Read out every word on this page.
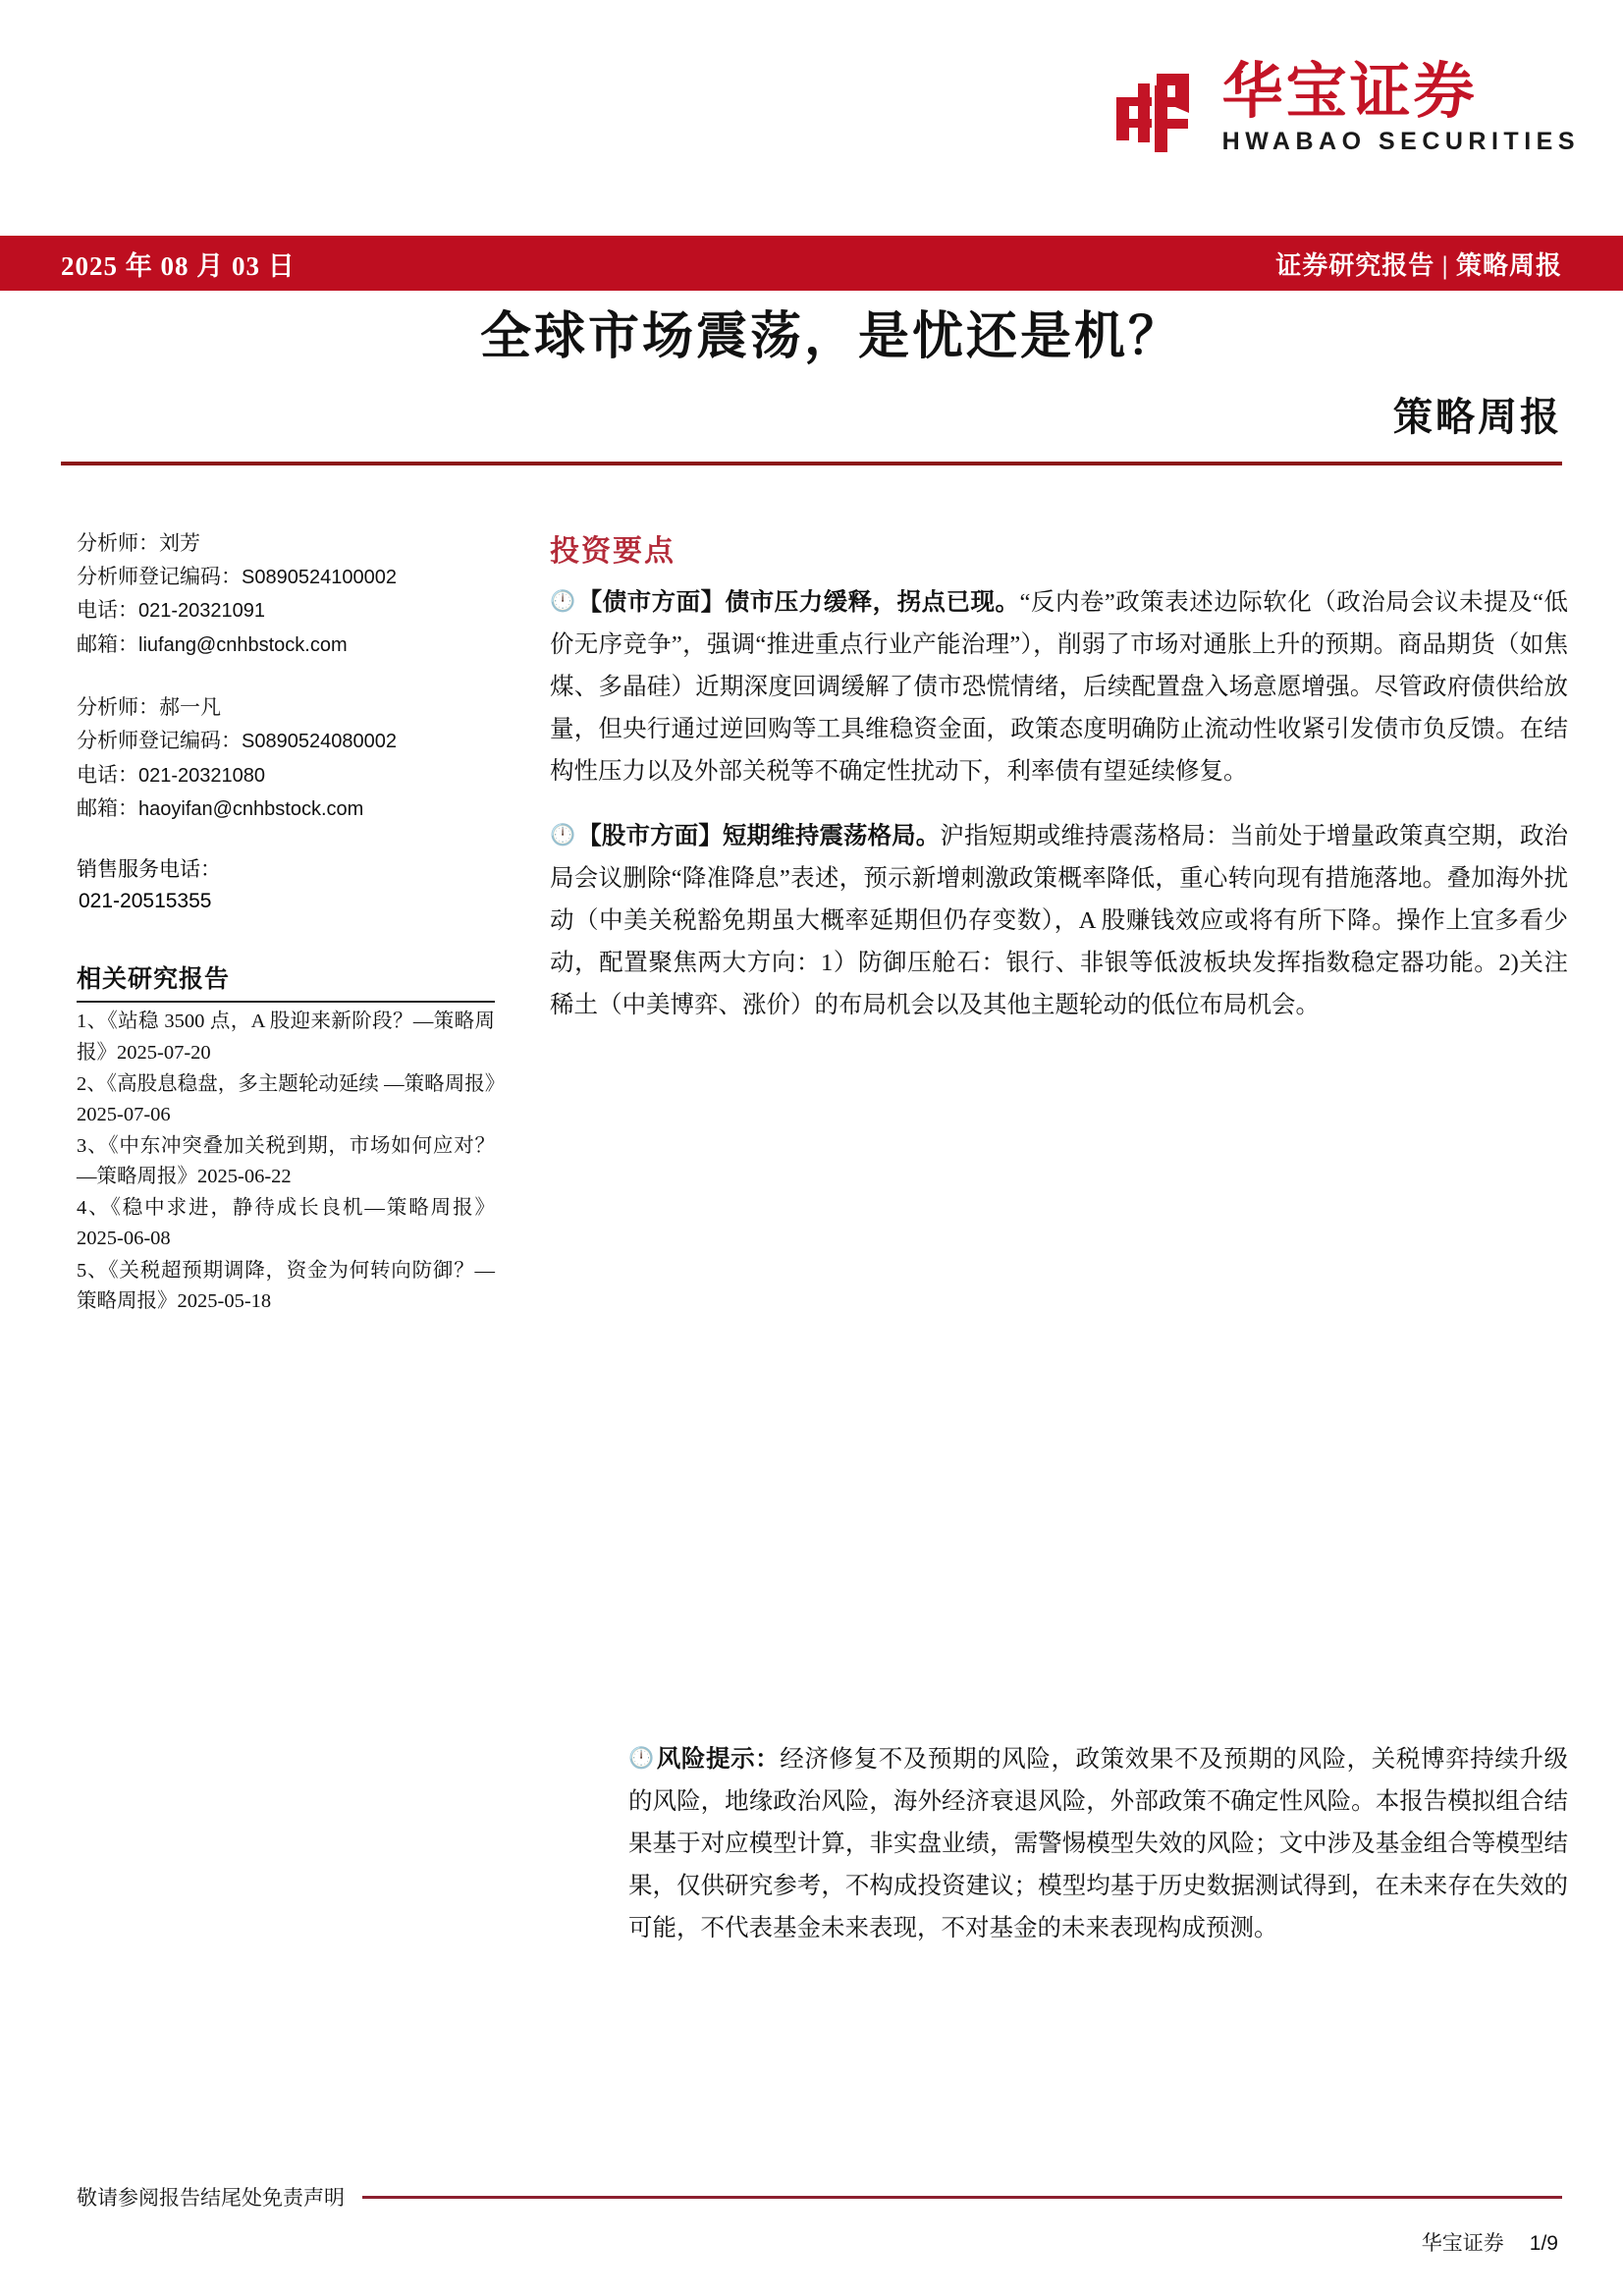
华宝证券
HWABAO SECURITIES
2025 年 08 月 03 日	证券研究报告 | 策略周报
全球市场震荡，是忧还是机？
策略周报
分析师：刘芳
分析师登记编码：S0890524100002
电话：021-20321091
邮箱：liufang@cnhbstock.com
分析师：郝一凡
分析师登记编码：S0890524080002
电话：021-20321080
邮箱：haoyifan@cnhbstock.com
销售服务电话：
021-20515355
相关研究报告
1、《站稳 3500 点，A 股迎来新阶段？—策略周报》2025-07-20
2、《高股息稳盘，多主题轮动延续 —策略周报》2025-07-06
3、《中东冲突叠加关税到期，市场如何应对？ —策略周报》2025-06-22
4、《稳中求进，静待成长良机—策略周报》2025-06-08
5、《关税超预期调降，资金为何转向防御？—策略周报》2025-05-18
投资要点

🕛【债市方面】债市压力缓释，拐点已现。“反内卷”政策表述边际软化（政治局会议未提及“低价无序竞争”，强调“推进重点行业产能治理”），削弱了市场对通胀上升的预期。商品期货（如焦煤、多晶硅）近期深度回调缓解了债市恐慌情绪，后续配置盘入场意愿增强。尽管政府债供给放量，但央行通过逆回购等工具维稳资金面，政策态度明确防止流动性收紧引发债市负反馈。在结构性压力以及外部关税等不确定性扰动下，利率债有望延续修复。

🕛【股市方面】短期维持震荡格局。沪指短期或维持震荡格局：当前处于增量政策真空期，政治局会议删除“降准降息”表述，预示新增刺激政策概率降低，重心转向现有措施落地。叠加海外扰动（中美关税豁免期虽大概率延期但仍存变数），A 股赚钱效应或将有所下降。操作上宜多看少动，配置聚焦两大方向：1）防御压舱石：银行、非银等低波板块发挥指数稳定器功能。2)关注稀土（中美博弈、涨价）的布局机会以及其他主题轮动的低位布局机会。

🕛风险提示：经济修复不及预期的风险，政策效果不及预期的风险，关税博弈持续升级的风险，地缘政治风险，海外经济衰退风险，外部政策不确定性风险。本报告模拟组合结果基于对应模型计算，非实盘业绩，需警惕模型失效的风险；文中涉及基金组合等模型结果，仅供研究参考，不构成投资建议；模型均基于历史数据测试得到，在未来存在失效的可能，不代表基金未来表现，不对基金的未来表现构成预测。

敬请参阅报告结尾处免责声明
华宝证券 1/9
